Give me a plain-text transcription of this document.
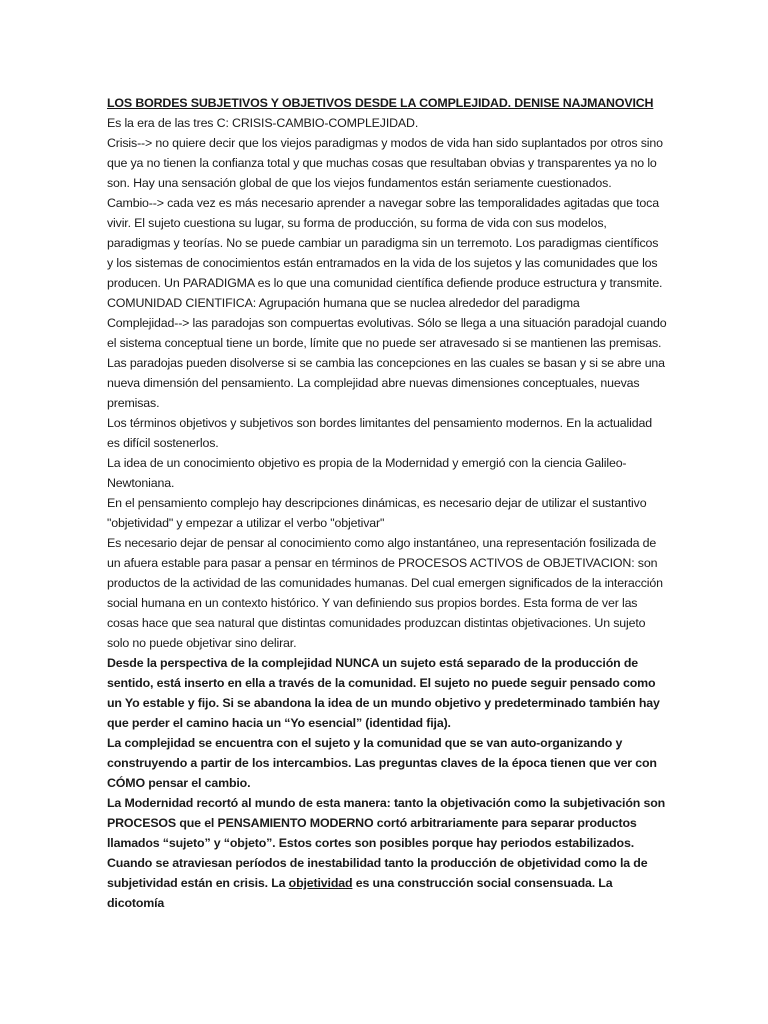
LOS BORDES SUBJETIVOS Y OBJETIVOS DESDE LA COMPLEJIDAD. DENISE NAJMANOVICH

Es la era de las tres C: CRISIS-CAMBIO-COMPLEJIDAD.

Crisis--> no quiere decir que los viejos paradigmas y modos de vida han sido suplantados por otros sino que ya no tienen la confianza total y que muchas cosas que resultaban obvias y transparentes ya no lo son. Hay una sensación global de que los viejos fundamentos están seriamente cuestionados.

Cambio--> cada vez es más necesario aprender a navegar sobre las temporalidades agitadas que toca vivir. El sujeto cuestiona su lugar, su forma de producción, su forma de vida con sus modelos, paradigmas y teorías. No se puede cambiar un paradigma sin un terremoto. Los paradigmas científicos y los sistemas de conocimientos están entramados en la vida de los sujetos y las comunidades que los producen. Un PARADIGMA es lo que una comunidad científica defiende produce estructura y transmite. COMUNIDAD CIENTIFICA: Agrupación humana que se nuclea alrededor del paradigma

Complejidad--> las paradojas son compuertas evolutivas. Sólo se llega a una situación paradojal cuando el sistema conceptual tiene un borde, límite que no puede ser atravesado si se mantienen las premisas. Las paradojas pueden disolverse si se cambia las concepciones en las cuales se basan y si se abre una nueva dimensión del pensamiento. La complejidad abre nuevas dimensiones conceptuales, nuevas premisas.

Los términos objetivos y subjetivos son bordes limitantes del pensamiento modernos. En la actualidad es difícil sostenerlos.

La idea de un conocimiento objetivo es propia de la Modernidad y emergió con la ciencia Galileo-Newtoniana.

En el pensamiento complejo hay descripciones dinámicas, es necesario dejar de utilizar el sustantivo "objetividad" y empezar a utilizar el verbo "objetivar"

Es necesario dejar de pensar al conocimiento como algo instantáneo, una representación fosilizada de un afuera estable para pasar a pensar en términos de PROCESOS ACTIVOS de OBJETIVACION: son productos de la actividad de las comunidades humanas. Del cual emergen significados de la interacción social humana en un contexto histórico. Y van definiendo sus propios bordes. Esta forma de ver las cosas hace que sea natural que distintas comunidades produzcan distintas objetivaciones. Un sujeto solo no puede objetivar sino delirar.

Desde la perspectiva de la complejidad NUNCA un sujeto está separado de la producción de sentido, está inserto en ella a través de la comunidad. El sujeto no puede seguir pensado como un Yo estable y fijo. Si se abandona la idea de un mundo objetivo y predeterminado también hay que perder el camino hacia un “Yo esencial” (identidad fija).

La complejidad se encuentra con el sujeto y la comunidad que se van auto-organizando y construyendo a partir de los intercambios. Las preguntas claves de la época tienen que ver con CÓMO pensar el cambio.

La Modernidad recortó al mundo de esta manera: tanto la objetivación como la subjetivación son PROCESOS que el PENSAMIENTO MODERNO cortó arbitrariamente para separar productos llamados “sujeto” y “objeto”. Estos cortes son posibles porque hay periodos estabilizados.

Cuando se atraviesan períodos de inestabilidad tanto la producción de objetividad como la de subjetividad están en crisis. La objetividad es una construcción social consensuada. La dicotomía
